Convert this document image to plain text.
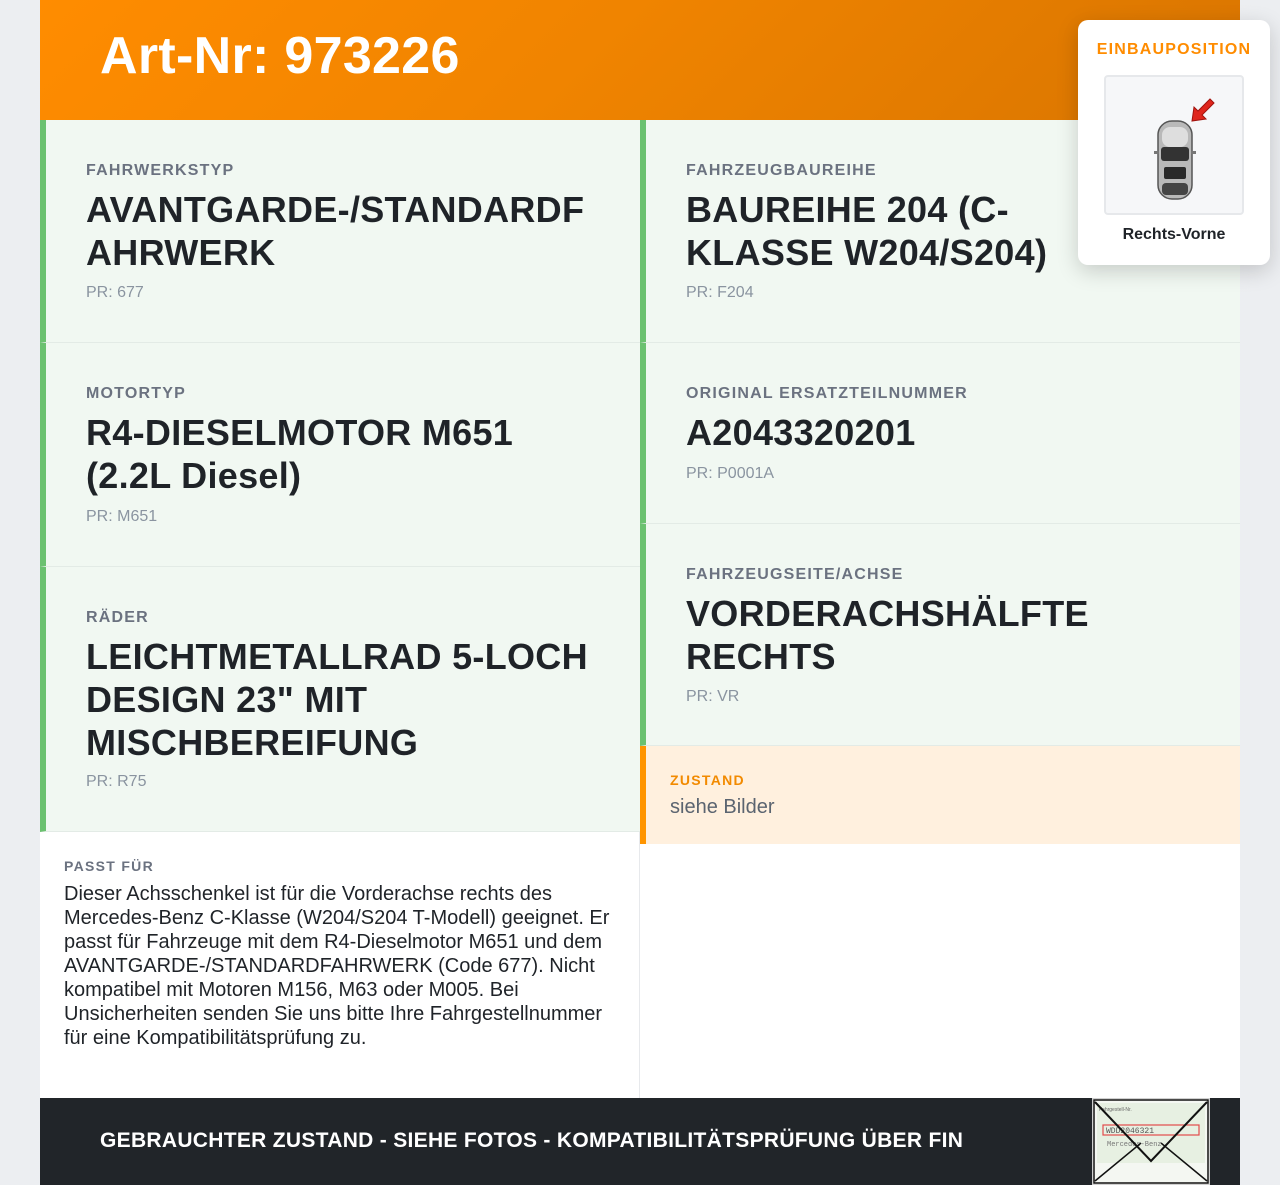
Art-Nr: 973226
FAHRWERKSTYP
AVANTGARDE-/STANDARDFAHRWERK
PR: 677
MOTORTYP
R4-DIESELMOTOR M651 (2.2L Diesel)
PR: M651
RÄDER
LEICHTMETALLRAD 5-LOCH DESIGN 23" MIT MISCHBEREIFUNG
PR: R75
FAHRZEUGBAUREIHE
BAUREIHE 204 (C-KLASSE W204/S204)
PR: F204
ORIGINAL ERSATZTEILNUMMER
A2043320201
PR: P0001A
FAHRZEUGSEITE/ACHSE
VORDERACHSHÄLFTE RECHTS
PR: VR
ZUSTAND
siehe Bilder
PASST FÜR
Dieser Achsschenkel ist für die Vorderachse rechts des Mercedes-Benz C-Klasse (W204/S204 T-Modell) geeignet. Er passt für Fahrzeuge mit dem R4-Dieselmotor M651 und dem AVANTGARDE-/STANDARDFAHRWERK (Code 677). Nicht kompatibel mit Motoren M156, M63 oder M005. Bei Unsicherheiten senden Sie uns bitte Ihre Fahrgestellnummer für eine Kompatibilitätsprüfung zu.
GEBRAUCHTER ZUSTAND - SIEHE FOTOS - KOMPATIBILITÄTSPRÜFUNG ÜBER FIN
Fahrgestell-Nr.
WDD2046321
Mercedes-Benz
EINBAUPOSITION
Rechts-Vorne
